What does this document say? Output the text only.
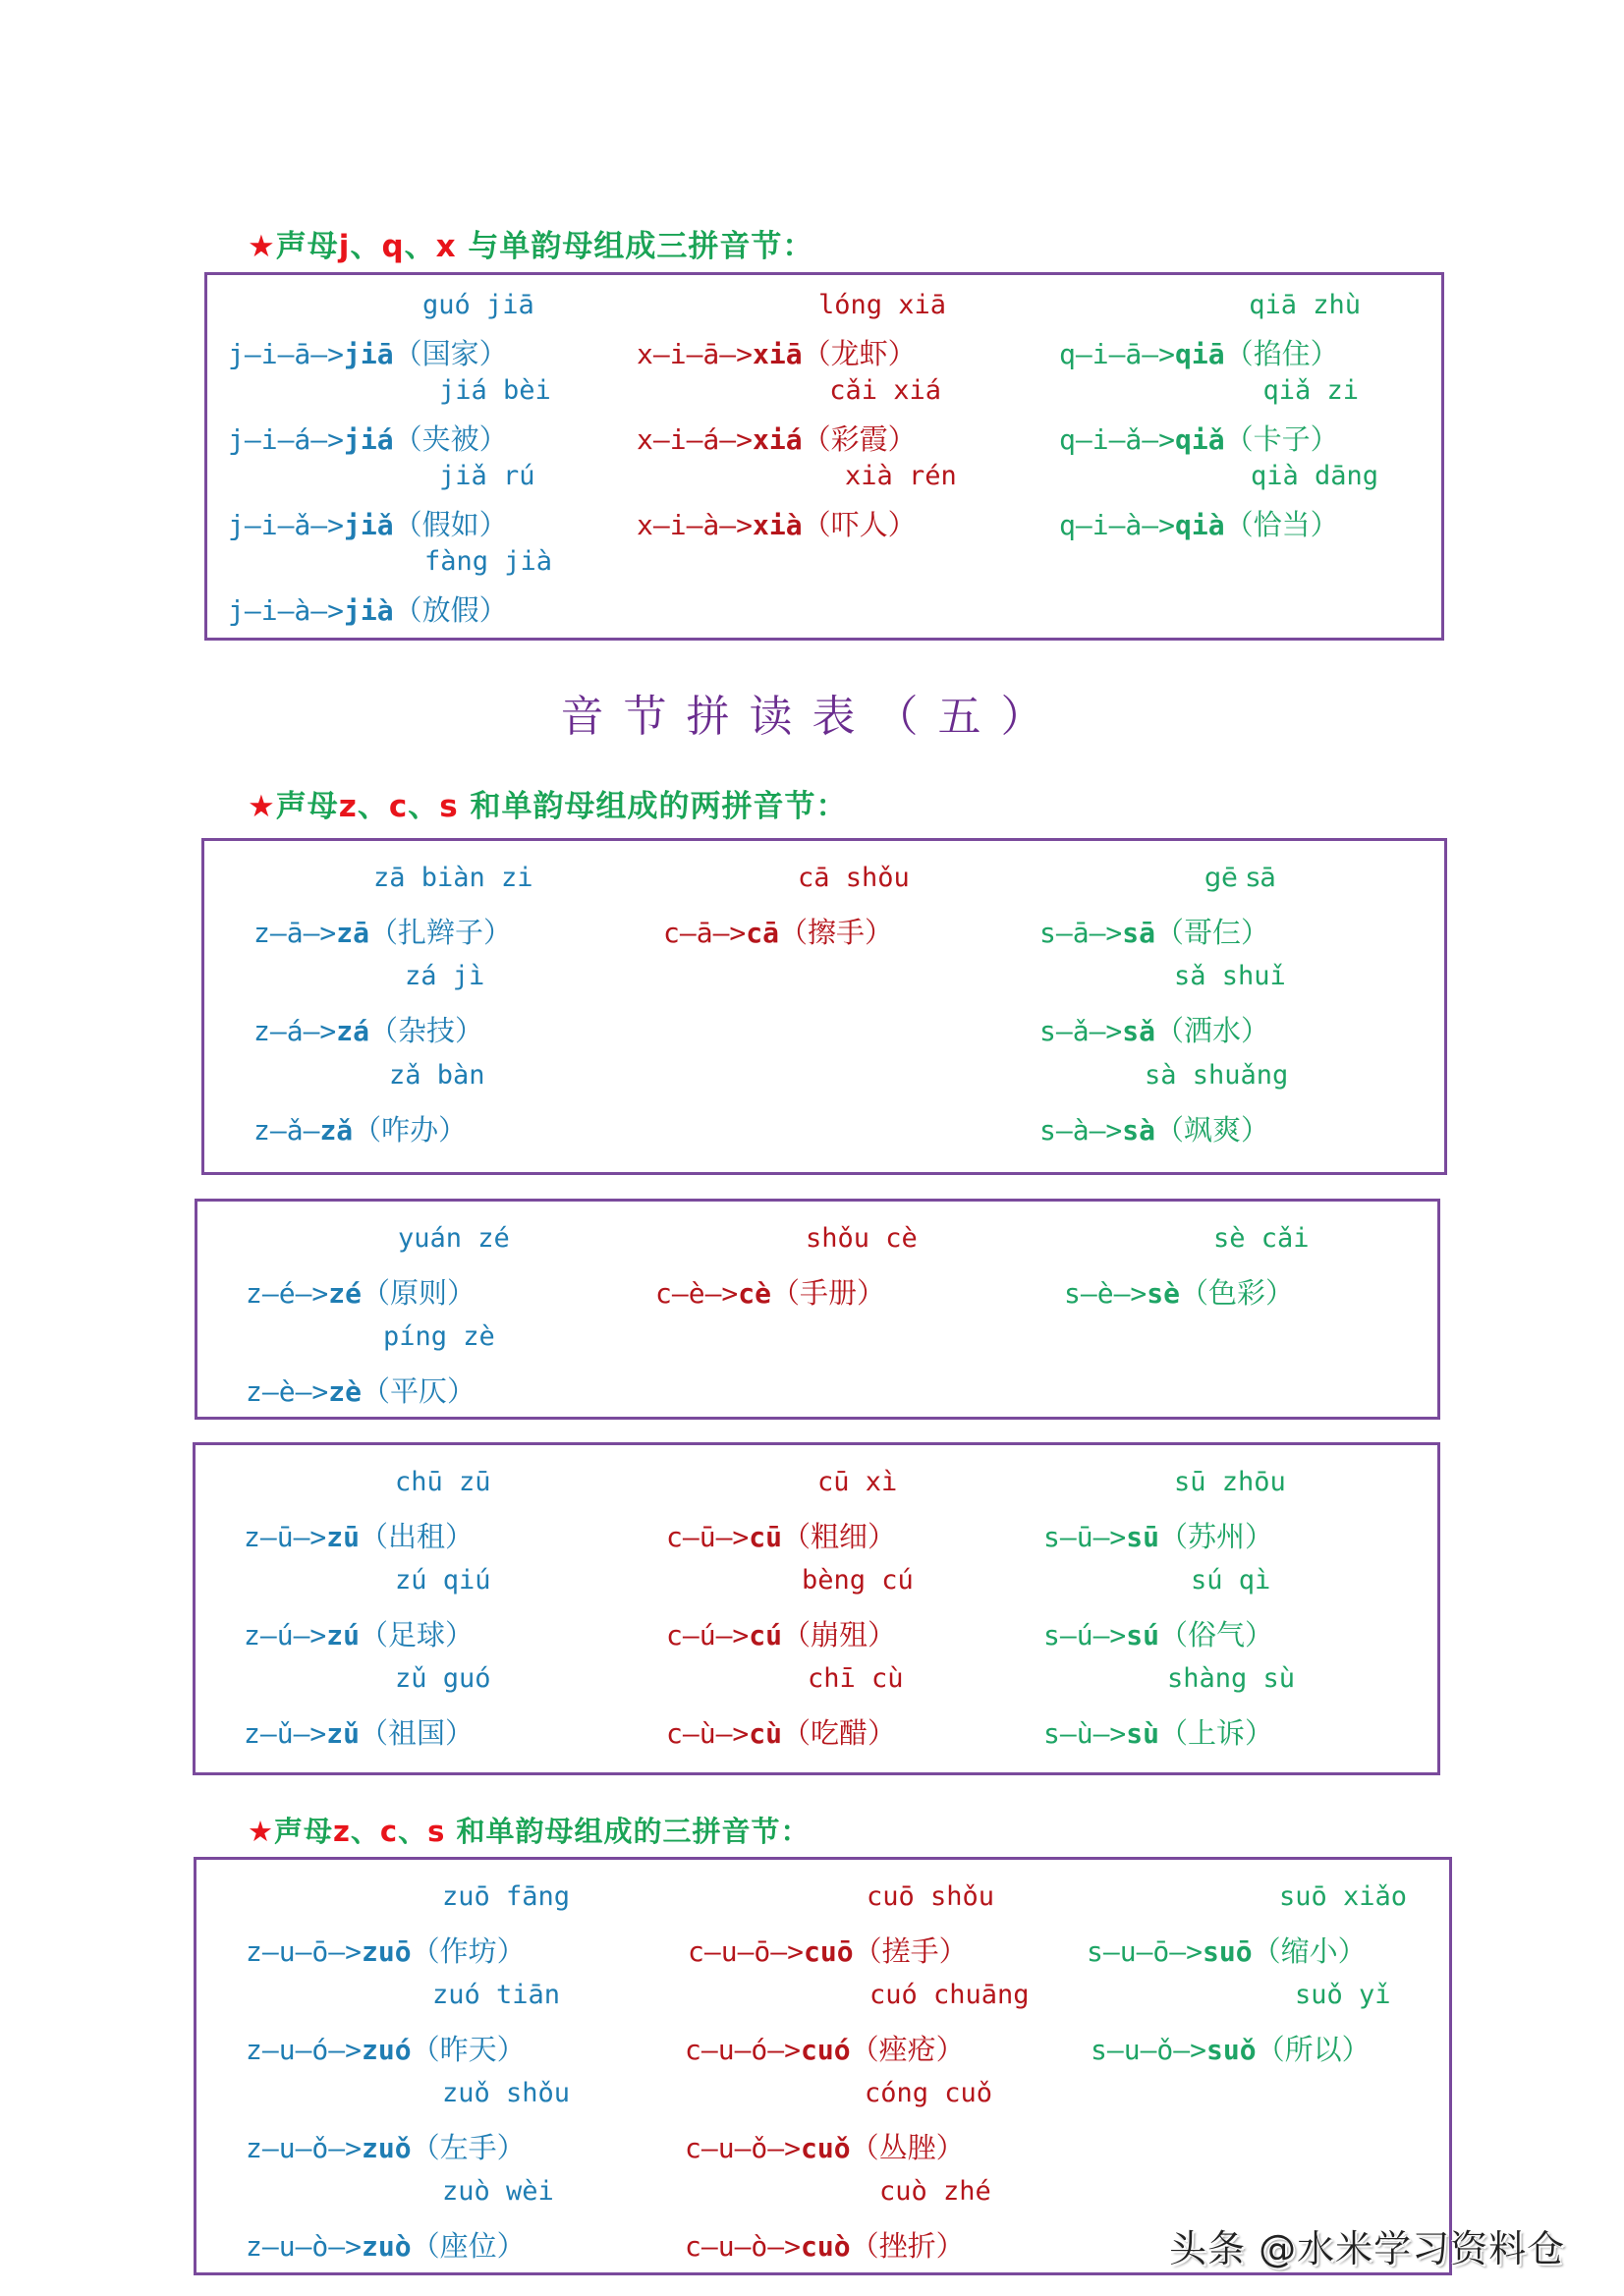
★声母j、q、x 与单韵母组成三拼音节：
guó jiā
j—i—ā—>jiā（国家）
jiá bèi
j—i—á—>jiá（夹被）
jiǎ rú
j—i—ǎ—>jiǎ（假如）
fàng jià
j—i—à—>jià（放假）
lóng xiā
x—i—ā—>xiā（龙虾）
cǎi xiá
x—i—á—>xiá（彩霞）
xià rén
x—i—à—>xià（吓人）
qiā zhù
q—i—ā—>qiā（掐住）
qiǎ zi
q—i—ǎ—>qiǎ（卡子）
qià dāng
q—i—à—>qià（恰当）
音节拼读表（五）
★声母z、c、s 和单韵母组成的两拼音节：
zā biàn zi
z—ā—>zā（扎辫子）
zá jì
z—á—>zá（杂技）
zǎ bàn
z—ǎ—zǎ（咋办）
cā shǒu
c—ā—>cā（擦手）
gē sā
s—ā—>sā（哥仨）
sǎ shuǐ
s—ǎ—>sǎ（洒水）
sà shuǎng
s—à—>sà（飒爽）
yuán zé
z—é—>zé（原则）
píng zè
z—è—>zè（平仄）
shǒu cè
c—è—>cè（手册）
sè cǎi
s—è—>sè（色彩）
chū zū
z—ū—>zū（出租）
zú qiú
z—ú—>zú（足球）
zǔ guó
z—ǔ—>zǔ（祖国）
cū xì
c—ū—>cū（粗细）
bèng cú
c—ú—>cú（崩殂）
chī cù
c—ù—>cù（吃醋）
sū zhōu
s—ū—>sū（苏州）
sú qì
s—ú—>sú（俗气）
shàng sù
s—ù—>sù（上诉）
★声母z、c、s 和单韵母组成的三拼音节：
zuō fāng
z—u—ō—>zuō（作坊）
zuó tiān
z—u—ó—>zuó（昨天）
zuǒ shǒu
z—u—ǒ—>zuǒ（左手）
zuò wèi
z—u—ò—>zuò（座位）
cuō shǒu
c—u—ō—>cuō（搓手）
cuó chuāng
c—u—ó—>cuó（痤疮）
cóng cuǒ
c—u—ǒ—>cuǒ（丛脞）
cuò zhé
c—u—ò—>cuò（挫折）
suō xiǎo
s—u—ō—>suō（缩小）
suǒ yǐ
s—u—ǒ—>suǒ（所以）
头条 @水米学习资料仓
